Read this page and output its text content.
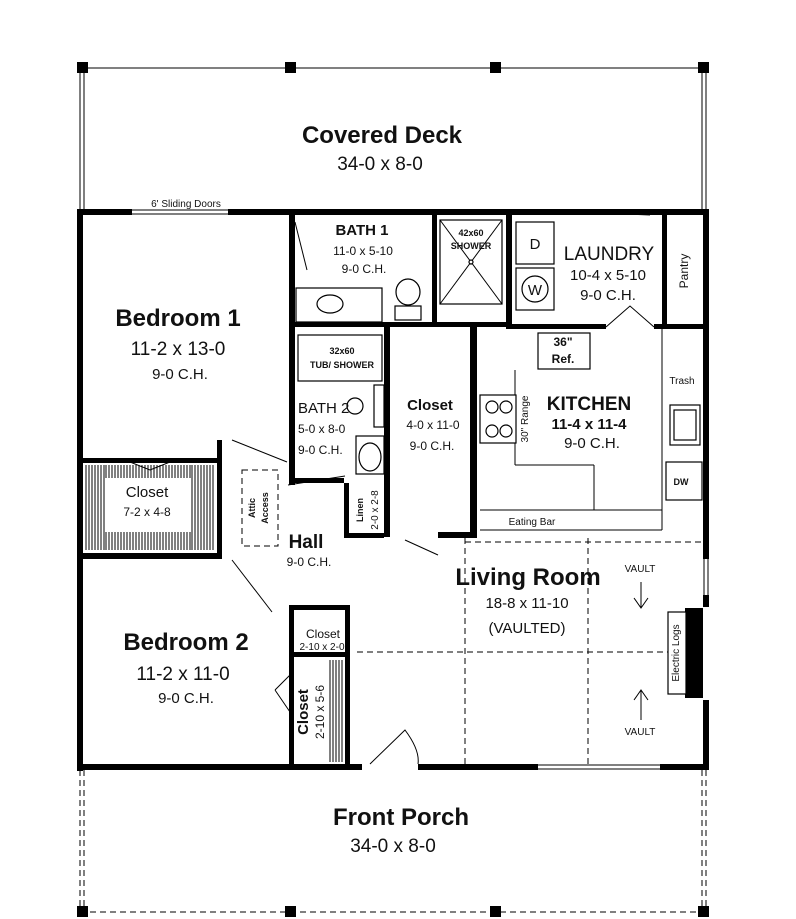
Covered Deck
34-0 x 8-0
6' Sliding Doors
BATH 1
11-0 x 5-10
9-0 C.H.
42x60
SHOWER	D
W
LAUNDRY
10-4 x 5-10
9-0 C.H.
Pantry
Bedroom 1
11-2 x 13-0
9-0 C.H.
32x60
TUB/ SHOWER
BATH 2
5-0 x 8-0
9-0 C.H.
Closet
4-0 x 11-0
9-0 C.H.
36"
Ref.
30" Range KITCHEN
11-4 x 11-4
9-0 C.H.
Trash
DW
Eating Bar
Closet
7-2 x 4-8	Attic Access	Linen 2-0 x 2-8
Hall
9-0 C.H.
Living Room
18-8 x 11-10
(VAULTED)
VAULT
VAULT
Electric Logs
Bedroom 2
11-2 x 11-0
9-0 C.H.
Closet
2-10 x 2-0
Closet 2-10 x 5-6
Front Porch
34-0 x 8-0
